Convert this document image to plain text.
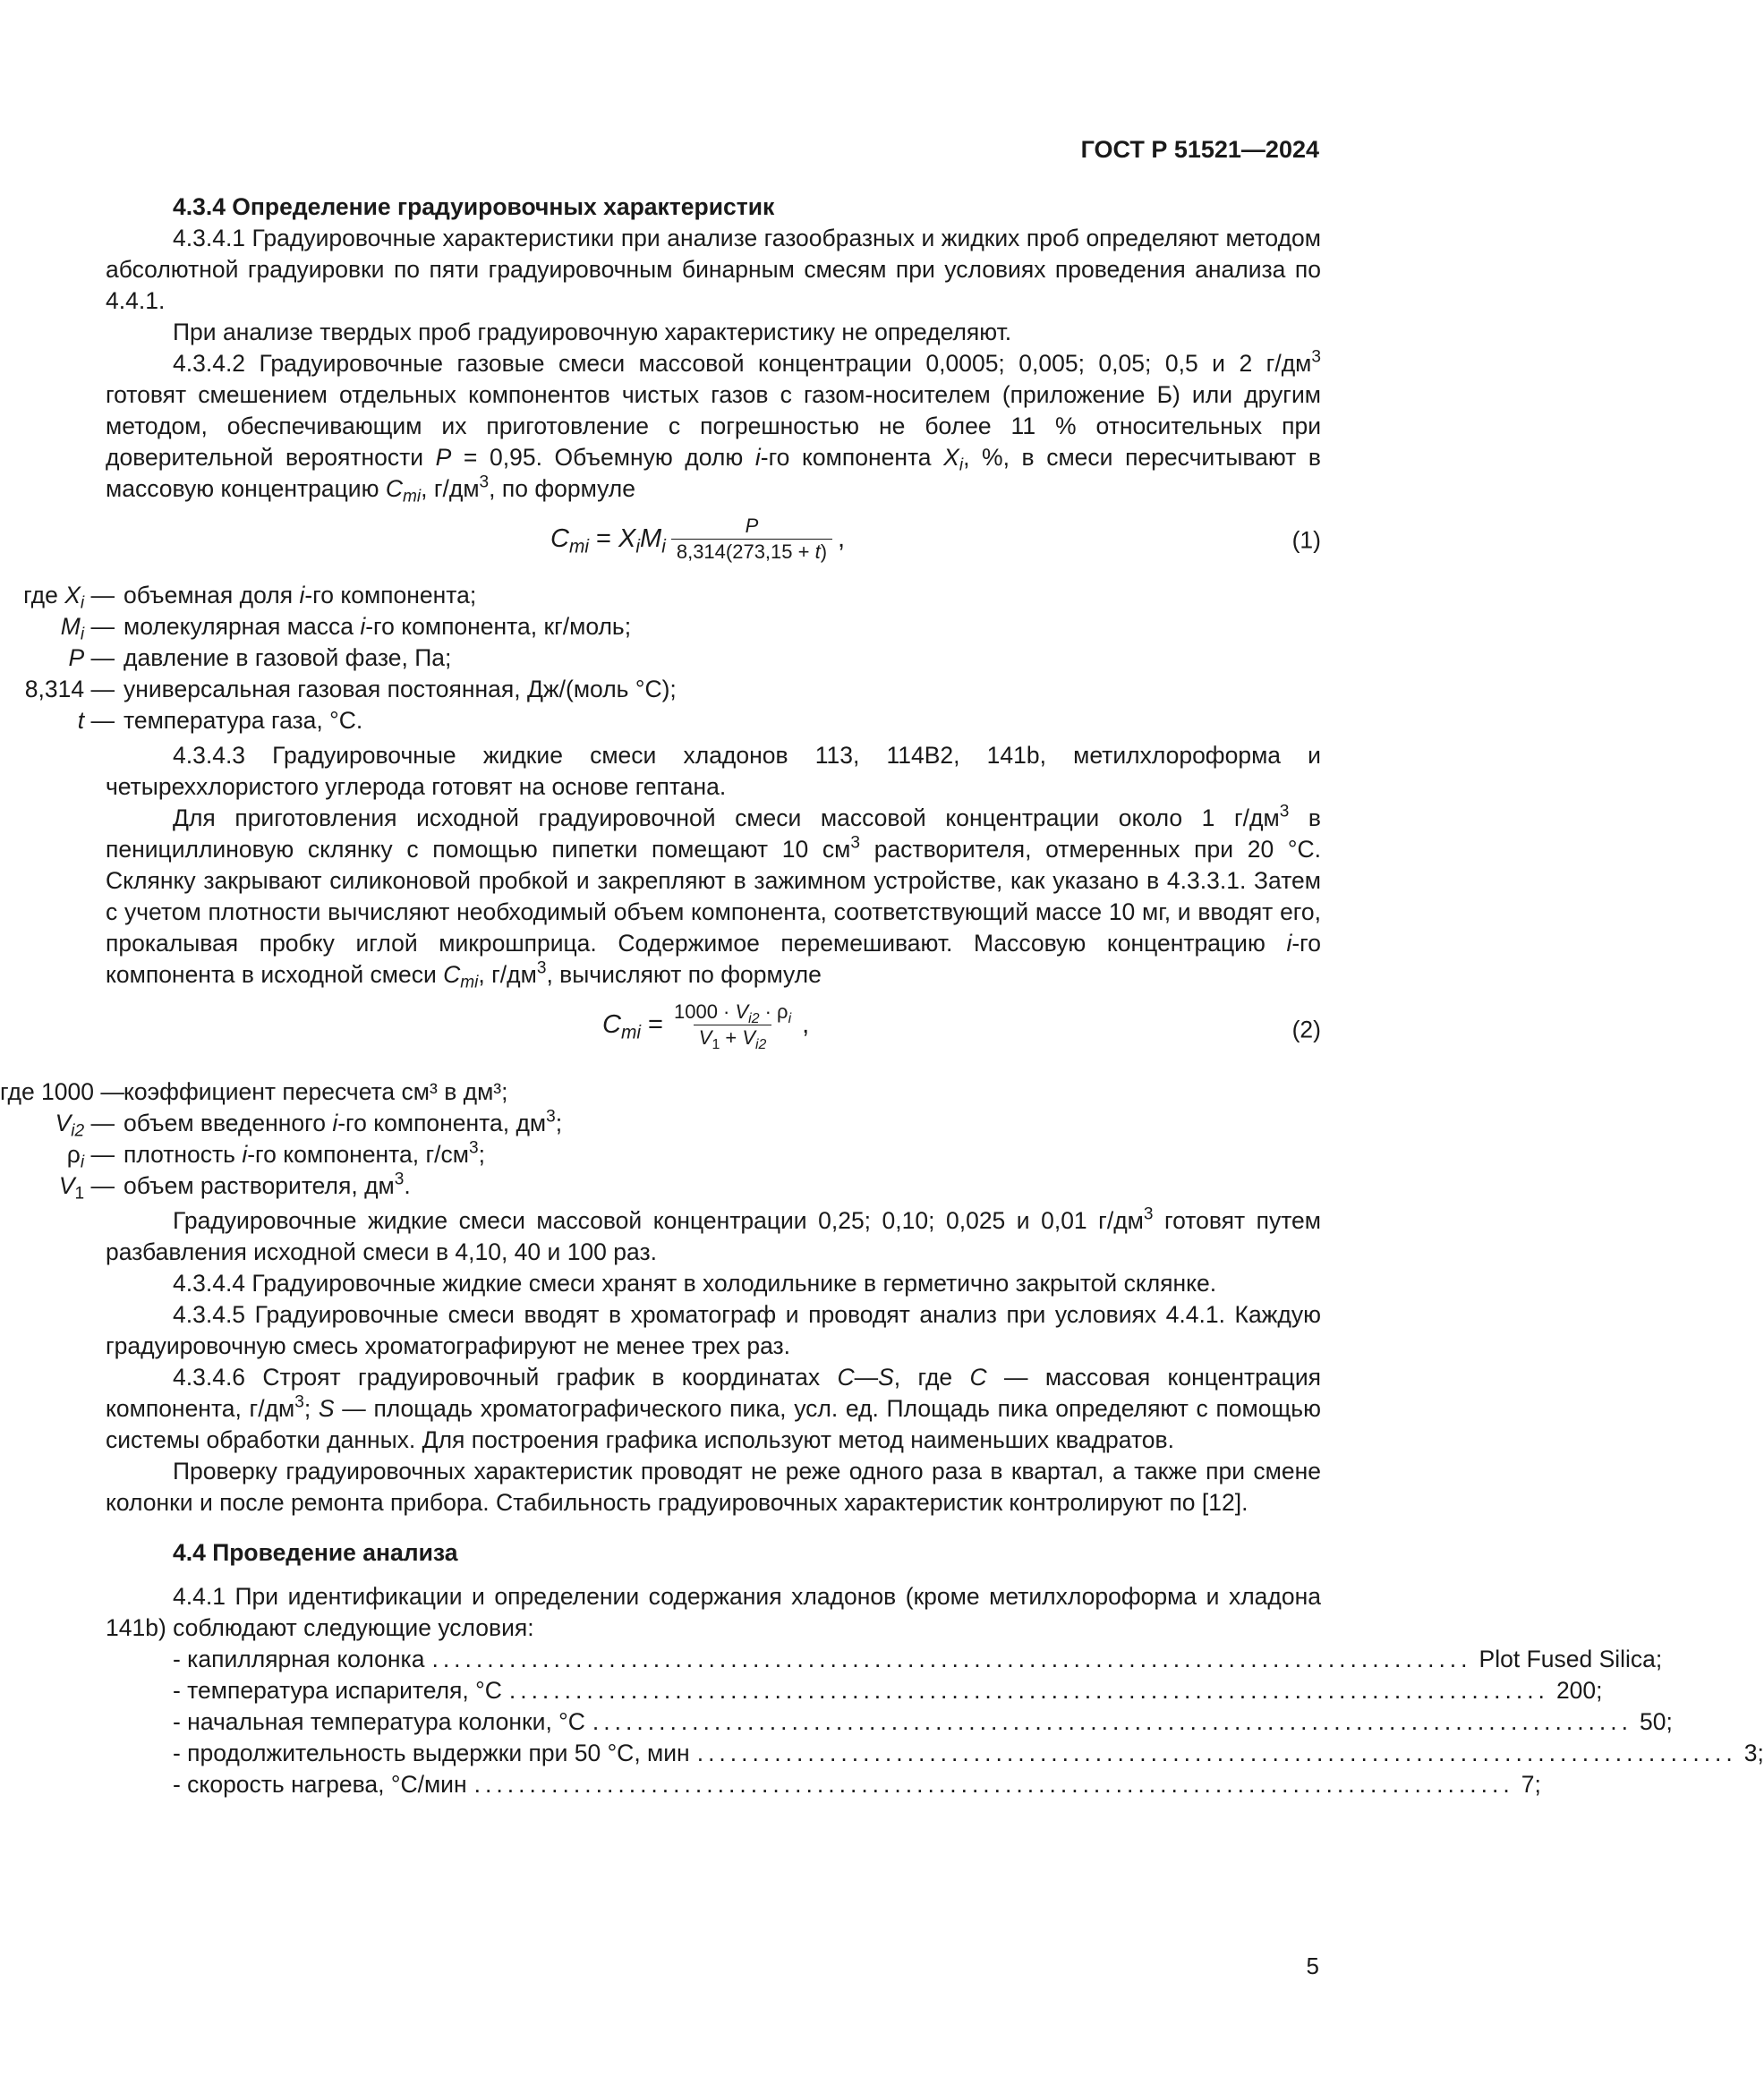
ГОСТ Р 51521—2024

4.3.4 Определение градуировочных характеристик

4.3.4.1 Градуировочные характеристики при анализе газообразных и жидких проб определяют методом абсолютной градуировки по пяти градуировочным бинарным смесям при условиях проведения анализа по 4.4.1.

При анализе твердых проб градуировочную характеристику не определяют.

4.3.4.2 Градуировочные газовые смеси массовой концентрации 0,0005; 0,005; 0,05; 0,5 и 2 $г/дм^3$ готовят смешением отдельных компонентов чистых газов с газом-носителем (приложение Б) или другим методом, обеспечивающим их приготовление с погрешностью не более 11 % относительных при доверительной вероятности P = 0,95. Объемную долю i-го компонента $X_i$, %, в смеси пересчитывают в массовую концентрацию $C_{mi}$, $г/дм^3$, по формуле

$C_{mi} = X_iM_i \frac{P}{8,314(273,15 + t)}$ ,	(1)
где $X_i$ — объемная доля i-го компонента;
$M_i$ — молекулярная масса i-го компонента, кг/моль;
P — давление в газовой фазе, Па;
8,314 — универсальная газовая постоянная, Дж/(моль °С);
t — температура газа, °С.

4.3.4.3 Градуировочные жидкие смеси хладонов 113, 114В2, 141b, метилхлороформа и четыреххлористого углерода готовят на основе гептана.

Для приготовления исходной градуировочной смеси массовой концентрации около 1 $г/дм^3$ в пенициллиновую склянку с помощью пипетки помещают 10 $см^3$ растворителя, отмеренных при 20 °С. Склянку закрывают силиконовой пробкой и закрепляют в зажимном устройстве, как указано в 4.3.3.1. Затем с учетом плотности вычисляют необходимый объем компонента, соответствующий массе 10 мг, и вводят его, прокалывая пробку иглой микрошприца. Содержимое перемешивают. Массовую концентрацию i-го компонента в исходной смеси $C_{mi}$, $г/дм^3$, вычисляют по формуле

$C_{mi} = \frac{1000 \cdot V_{i2} \cdot \rho_i}{V_1 + V_{i2}}$ ,	(2)
где 1000 — коэффициент пересчета см³ в дм³;
$V_{i2}$ — объем введенного i-го компонента, $дм^3$;
$\rho_i$ — плотность i-го компонента, $г/см^3$;
$V_1$ — объем растворителя, $дм^3$.

Градуировочные жидкие смеси массовой концентрации 0,25; 0,10; 0,025 и 0,01 $г/дм^3$ готовят путем разбавления исходной смеси в 4,10, 40 и 100 раз.

4.3.4.4 Градуировочные жидкие смеси хранят в холодильнике в герметично закрытой склянке.

4.3.4.5 Градуировочные смеси вводят в хроматограф и проводят анализ при условиях 4.4.1. Каждую градуировочную смесь хроматографируют не менее трех раз.

4.3.4.6 Строят градуировочный график в координатах C—S, где C — массовая концентрация компонента, $г/дм^3$; S — площадь хроматографического пика, усл. ед. Площадь пика определяют с помощью системы обработки данных. Для построения графика используют метод наименьших квадратов.

Проверку градуировочных характеристик проводят не реже одного раза в квартал, а также при смене колонки и после ремонта прибора. Стабильность градуировочных характеристик контролируют по [12].

4.4 Проведение анализа

4.4.1 При идентификации и определении содержания хладонов (кроме метилхлороформа и хладона 141b) соблюдают следующие условия:

- капиллярная колонка .............................................................................................. Plot Fused Silica;
- температура испарителя, °С .............................................................................................. 200;
- начальная температура колонки, °С .............................................................................................. 50;
- продолжительность выдержки при 50 °С, мин .............................................................................................. 3;
- скорость нагрева, °С/мин .............................................................................................. 7;
5
